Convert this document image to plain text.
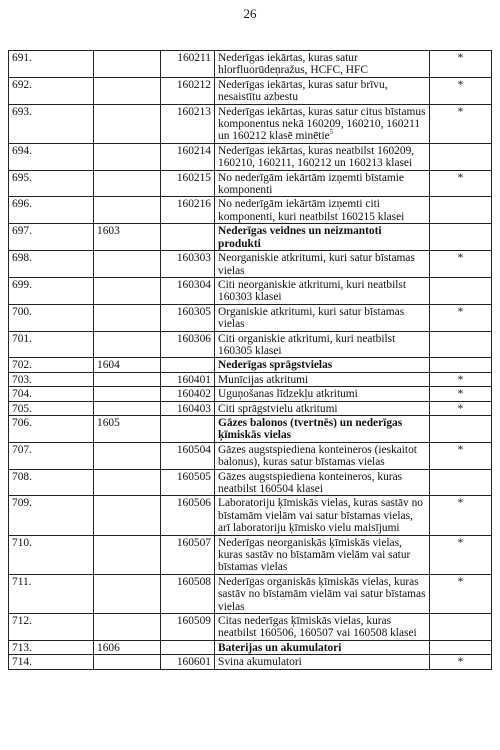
26
691.		160211	Nederīgas iekārtas, kuras satur hlorfluorūdeņražus, HCFC, HFC	*
692.		160212	Nederīgas iekārtas, kuras satur brīvu, nesaistītu azbestu	*
693.		160213	Nederīgas iekārtas, kuras satur citus bīstamus komponentus nekā 160209, 160210, 160211 un 160212 klasē minētie$^5$	*
694.		160214	Nederīgas iekārtas, kuras neatbilst 160209, 160210, 160211, 160212 un 160213 klasei	
695.		160215	No nederīgām iekārtām izņemti bīstamie komponenti	*
696.		160216	No nederīgām iekārtām izņemti citi komponenti, kuri neatbilst 160215 klasei	
697.	1603		Nederīgas veidnes un neizmantoti produkti	
698.		160303	Neorganiskie atkritumi, kuri satur bīstamas vielas	*
699.		160304	Citi neorganiskie atkritumi, kuri neatbilst 160303 klasei	
700.		160305	Organiskie atkritumi, kuri satur bīstamas vielas	*
701.		160306	Citi organiskie atkritumi, kuri neatbilst 160305 klasei	
702.	1604		Nederīgas sprāgstvielas	
703.		160401	Munīcijas atkritumi	*
704.		160402	Uguņošanas līdzekļu atkritumi	*
705.		160403	Citi sprāgstvielu atkritumi	*
706.	1605		Gāzes balonos (tvertnēs) un nederīgas ķīmiskās vielas	
707.		160504	Gāzes augstspiediena konteineros (ieskaitot balonus), kuras satur bīstamas vielas	*
708.		160505	Gāzes augstspiediena konteineros, kuras neatbilst 160504 klasei	
709.		160506	Laboratoriju ķīmiskās vielas, kuras sastāv no bīstamām vielām vai satur bīstamas vielas, arī laboratoriju ķīmisko vielu maisījumi	*
710.		160507	Nederīgas neorganiskās ķīmiskās vielas, kuras sastāv no bīstamām vielām vai satur bīstamas vielas	*
711.		160508	Nederīgas organiskās ķīmiskās vielas, kuras sastāv no bīstamām vielām vai satur bīstamas vielas	*
712.		160509	Citas nederīgas ķīmiskās vielas, kuras neatbilst 160506, 160507 vai 160508 klasei	
713.	1606		Baterijas un akumulatori	
714.		160601	Svina akumulatori	*
